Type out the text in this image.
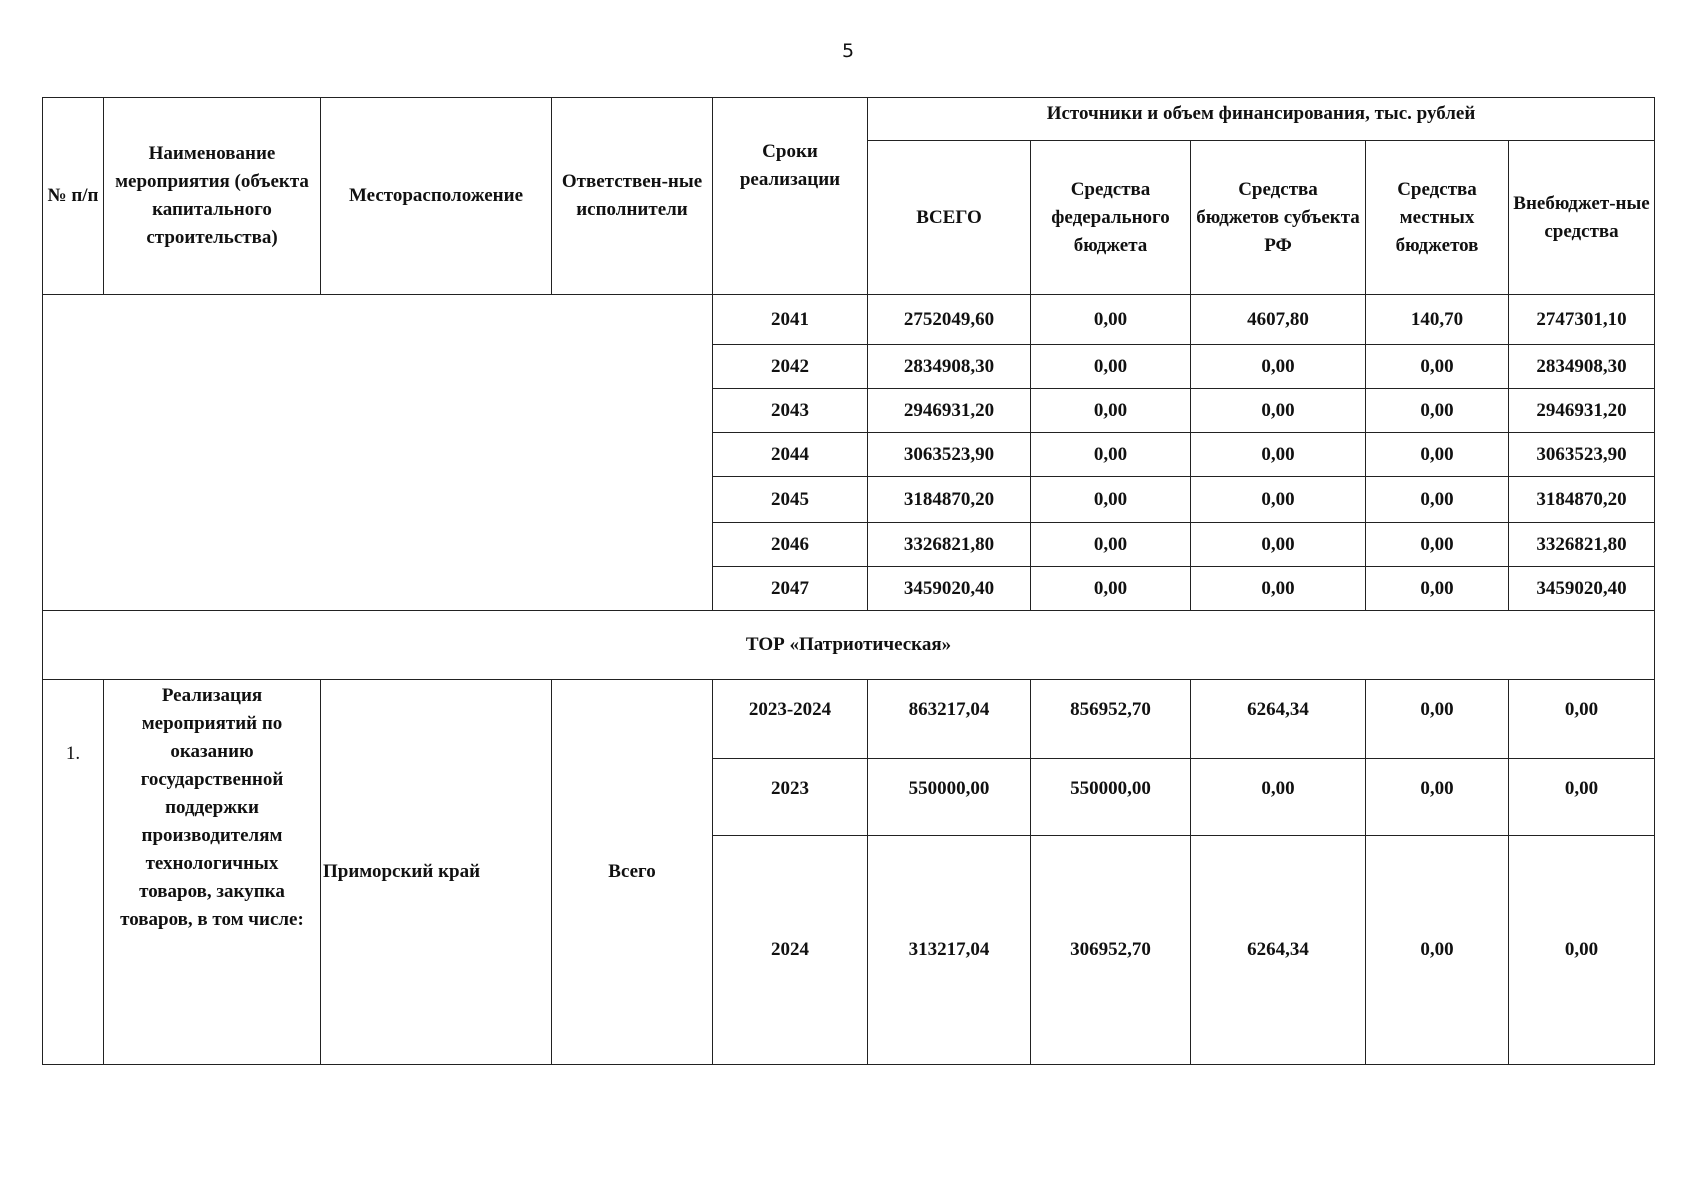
5
№ п/п	Наименование мероприятия (объекта капитального строительства)	Месторасположение	Ответствен-ные исполнители	Сроки реализации	Источники и объем финансирования, тыс. рублей				
					ВСЕГО	Средства федерального бюджета	Средства бюджетов субъекта РФ	Средства местных бюджетов	Внебюджет-ные средства
				2041	2752049,60	0,00	4607,80	140,70	2747301,10
				2042	2834908,30	0,00	0,00	0,00	2834908,30
				2043	2946931,20	0,00	0,00	0,00	2946931,20
				2044	3063523,90	0,00	0,00	0,00	3063523,90
				2045	3184870,20	0,00	0,00	0,00	3184870,20
				2046	3326821,80	0,00	0,00	0,00	3326821,80
				2047	3459020,40	0,00	0,00	0,00	3459020,40
ТОР «Патриотическая»									
1.	Реализация мероприятий по оказанию государственной поддержки производителям технологичных товаров, закупка товаров, в том числе:	Приморский край	Всего	2023-2024	863217,04	856952,70	6264,34	0,00	0,00
				2023	550000,00	550000,00	0,00	0,00	0,00
				2024	313217,04	306952,70	6264,34	0,00	0,00
